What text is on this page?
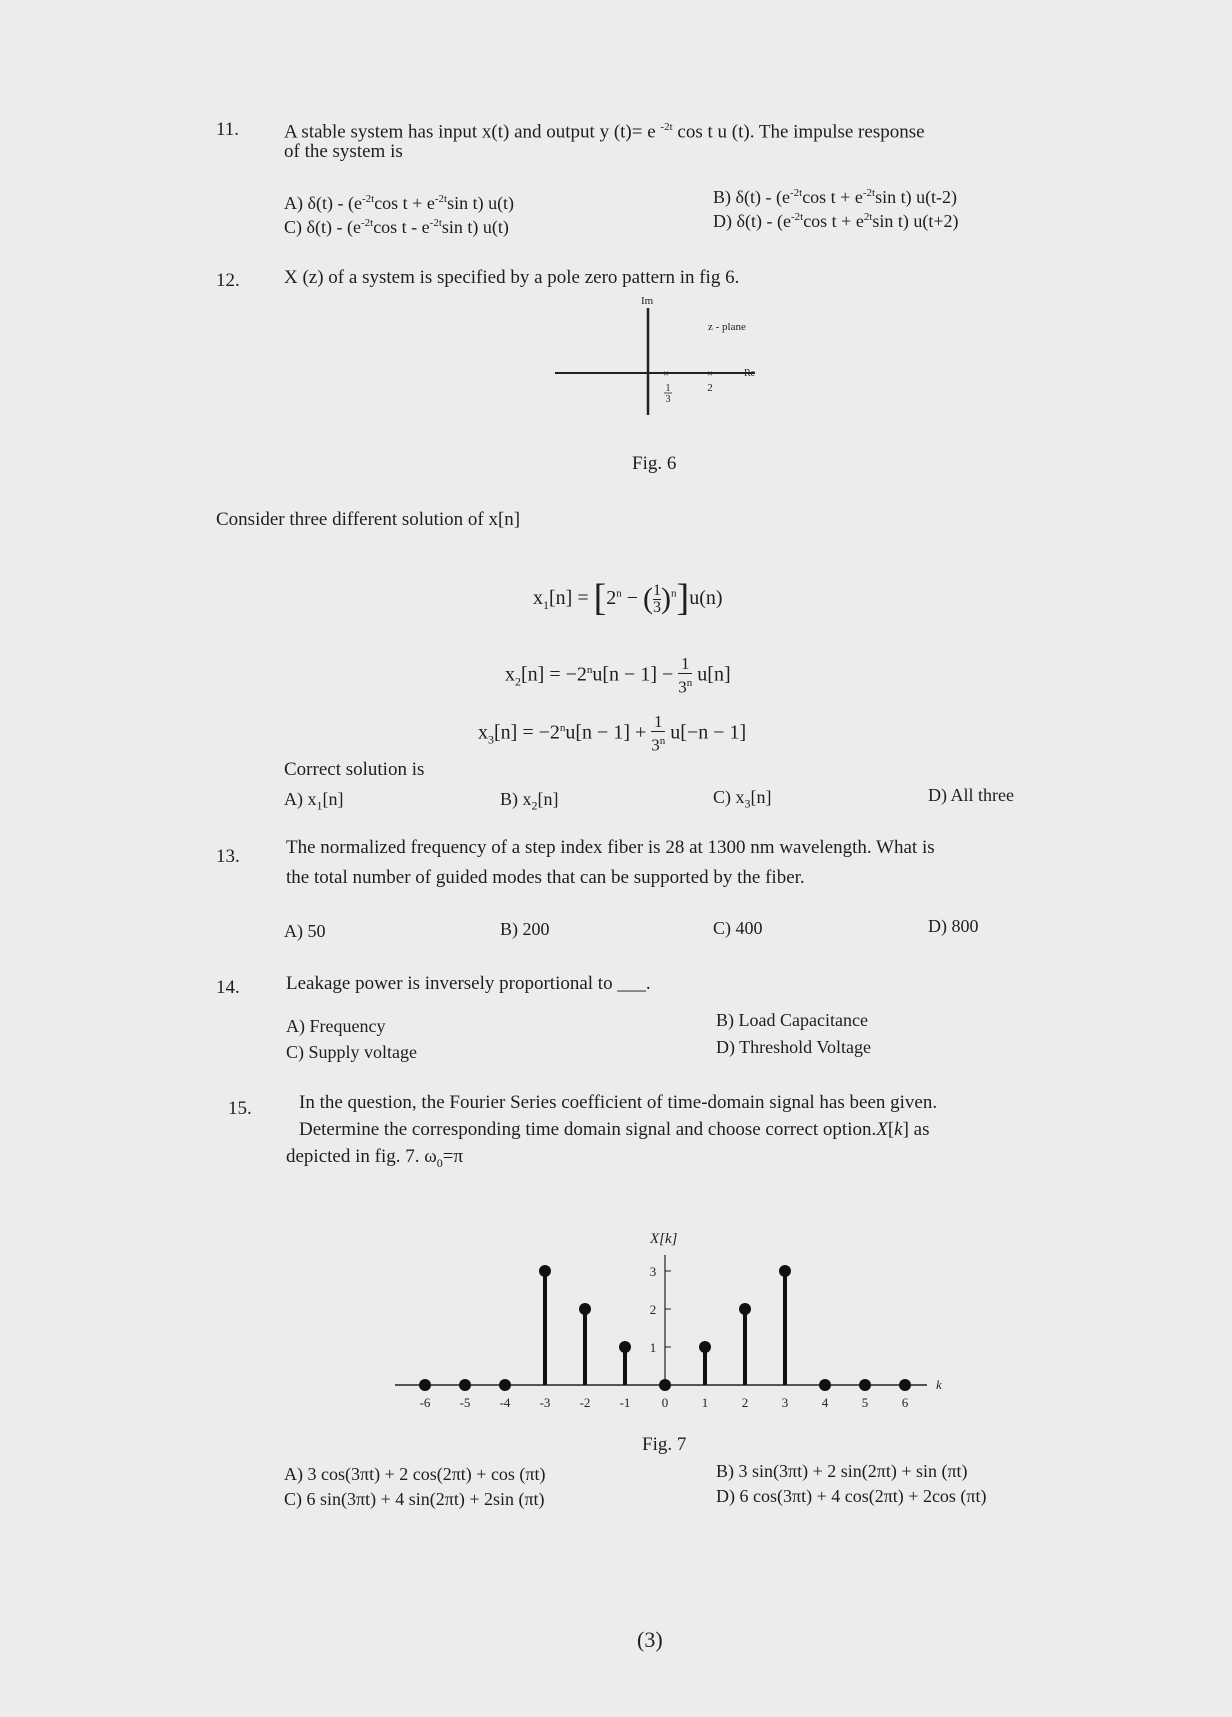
11. A stable system has input x(t) and output y (t)= e $^{-2t}$ cos t u (t). The impulse response
of the system is
A) $\delta(t) - (e^{-2t}\cos$ $t + e^{-2t}\sin$ t) u(t)	B) $\delta(t) - (e^{-2t}\cos$ $t + e^{-2t}\sin$ t) u(t-2)
C) $\delta(t) - (e^{-2t}\cos$ t - $e^{-2t}\sin$ t) u(t)	D) $\delta(t) - (e^{-2t}\cos$ $t + e^{2t}\sin$ t) u(t+2)
12. X (z) of a system is specified by a pole zero pattern in fig 6.
Im
Re
z - plane
×	×
1
3
2
Fig. 6
Consider three different solution of x[n]
$x_1[n] = [2^n$ − ( $\frac{1}{3} )^n]u(n)$
$x_2[n] = -2^nu[n - 1] - \frac{1}{3^n} u[n]$
$x_3[n] = -2^nu[n - 1] + \frac{1}{3^n} u[-n - 1]$
Correct solution is
A) $x_1[n]$	B) $x_2[n]$	C) $x_3[n]$	D) All three
13. The normalized frequency of a step index fiber is 28 at 1300 nm wavelength. What is
the total number of guided modes that can be supported by the fiber.
A) 50	B) 200	C) 400	D) 800
14. Leakage power is inversely proportional to ___.
A) Frequency	B) Load Capacitance
C) Supply voltage	D) Threshold Voltage
15. In the question, the Fourier Series coefficient of time-domain signal has been given.
Determine the corresponding time domain signal and choose correct option.X[k] as
depicted in fig. 7. $\omega_0=\pi$
k
X[k]
1
2
3
-6 -5 -4 -3 -2 -1 0	1	2	3	4	5	6
Fig. 7
A) 3 cos(3πt) + 2 cos(2πt) + cos (πt)	B) 3 sin(3πt) + 2 sin(2πt) + sin (πt)
C) 6 sin(3πt) + 4 sin(2πt) + 2sin (πt)	D) 6 cos(3πt) + 4 cos(2πt) + 2cos (πt)
(3)
